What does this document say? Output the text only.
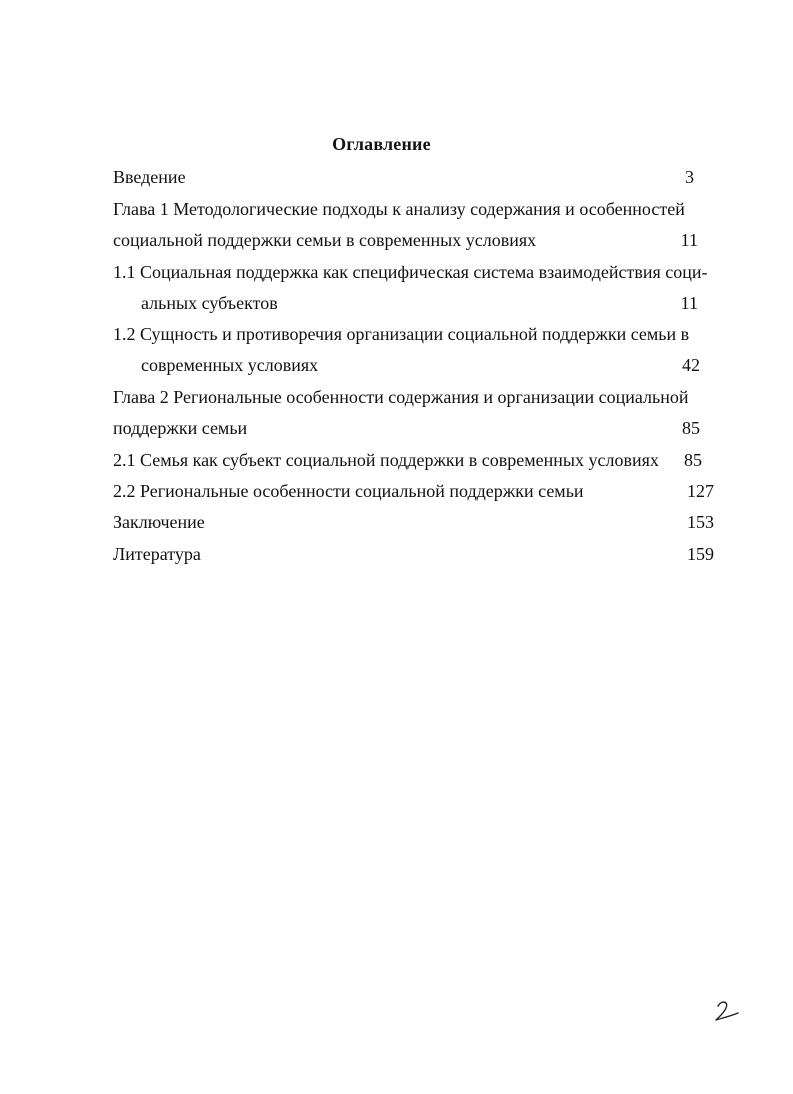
Оглавление
Введение	3
Глава 1 Методологические подходы к анализу содержания и особенностей
социальной поддержки семьи в современных условиях	11
1.1 Социальная поддержка как специфическая система взаимодействия соци-
альных субъектов	11
1.2 Сущность и противоречия организации социальной поддержки семьи в
современных условиях	42
Глава 2 Региональные особенности содержания и организации социальной
поддержки семьи	85
2.1 Семья как субъект социальной поддержки в современных условиях 85
2.2 Региональные особенности социальной поддержки семьи	127
Заключение	153
Литература	159
